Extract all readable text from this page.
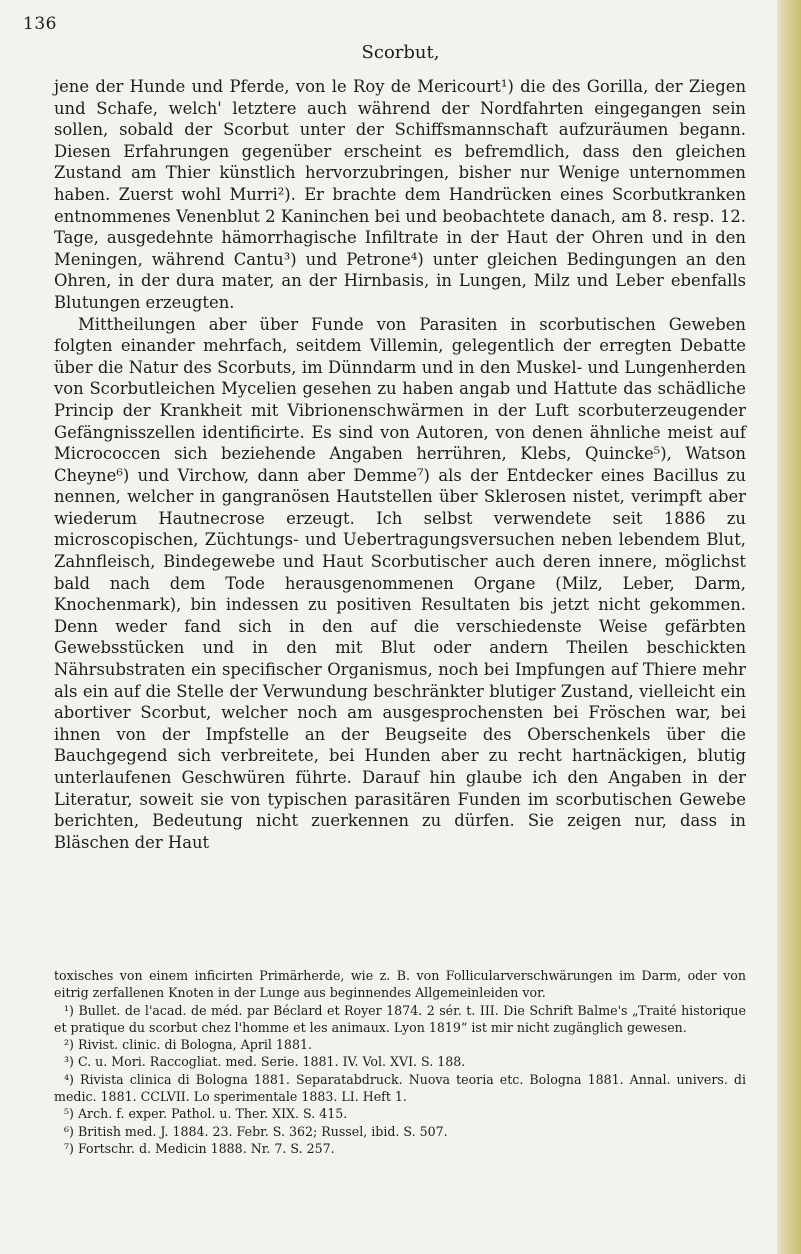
136
Scorbut,

jene der Hunde und Pferde, von le Roy de Mericourt¹) die des Gorilla, der Ziegen und Schafe, welch' letztere auch während der Nordfahrten eingegangen sein sollen, sobald der Scorbut unter der Schiffsmannschaft aufzuräumen begann. Diesen Erfahrungen gegenüber erscheint es befremdlich, dass den gleichen Zustand am Thier künstlich hervorzubringen, bisher nur Wenige unternommen haben. Zuerst wohl Murri²). Er brachte dem Handrücken eines Scorbutkranken entnommenes Venenblut 2 Kaninchen bei und beobachtete danach, am 8. resp. 12. Tage, ausgedehnte hämorrhagische Infiltrate in der Haut der Ohren und in den Meningen, während Cantu³) und Petrone⁴) unter gleichen Bedingungen an den Ohren, in der dura mater, an der Hirnbasis, in Lungen, Milz und Leber ebenfalls Blutungen erzeugten.

Mittheilungen aber über Funde von Parasiten in scorbutischen Geweben folgten einander mehrfach, seitdem Villemin, gelegentlich der erregten Debatte über die Natur des Scorbuts, im Dünndarm und in den Muskel- und Lungenherden von Scorbutleichen Mycelien gesehen zu haben angab und Hattute das schädliche Princip der Krankheit mit Vibrionenschwärmen in der Luft scorbuterzeugender Gefängnisszellen identificirte. Es sind von Autoren, von denen ähnliche meist auf Micrococcen sich beziehende Angaben herrühren, Klebs, Quincke⁵), Watson Cheyne⁶) und Virchow, dann aber Demme⁷) als der Entdecker eines Bacillus zu nennen, welcher in gangranösen Hautstellen über Sklerosen nistet, verimpft aber wiederum Hautnecrose erzeugt. Ich selbst verwendete seit 1886 zu microscopischen, Züchtungs- und Uebertragungsversuchen neben lebendem Blut, Zahnfleisch, Bindegewebe und Haut Scorbutischer auch deren innere, möglichst bald nach dem Tode herausgenommenen Organe (Milz, Leber, Darm, Knochenmark), bin indessen zu positiven Resultaten bis jetzt nicht gekommen. Denn weder fand sich in den auf die verschiedenste Weise gefärbten Gewebsstücken und in den mit Blut oder andern Theilen beschickten Nährsubstraten ein specifischer Organismus, noch bei Impfungen auf Thiere mehr als ein auf die Stelle der Verwundung beschränkter blutiger Zustand, vielleicht ein abortiver Scorbut, welcher noch am ausgesprochensten bei Fröschen war, bei ihnen von der Impfstelle an der Beugseite des Oberschenkels über die Bauchgegend sich verbreitete, bei Hunden aber zu recht hartnäckigen, blutig unterlaufenen Geschwüren führte. Darauf hin glaube ich den Angaben in der Literatur, soweit sie von typischen parasitären Funden im scorbutischen Gewebe berichten, Bedeutung nicht zuerkennen zu dürfen. Sie zeigen nur, dass in Bläschen der Haut

toxisches von einem inficirten Primärherde, wie z. B. von Follicularverschwärungen im Darm, oder von eitrig zerfallenen Knoten in der Lunge aus beginnendes Allgemeinleiden vor.

¹) Bullet. de l'acad. de méd. par Béclard et Royer 1874. 2 sér. t. III. Die Schrift Balme's „Traité historique et pratique du scorbut chez l'homme et les animaux. Lyon 1819“ ist mir nicht zugänglich gewesen.

²) Rivist. clinic. di Bologna, April 1881.

³) C. u. Mori. Raccogliat. med. Serie. 1881. IV. Vol. XVI. S. 188.

⁴) Rivista clinica di Bologna 1881. Separatabdruck. Nuova teoria etc. Bologna 1881. Annal. univers. di medic. 1881. CCLVII. Lo sperimentale 1883. LI. Heft 1.

⁵) Arch. f. exper. Pathol. u. Ther. XIX. S. 415.

⁶) British med. J. 1884. 23. Febr. S. 362; Russel, ibid. S. 507.

⁷) Fortschr. d. Medicin 1888. Nr. 7. S. 257.
